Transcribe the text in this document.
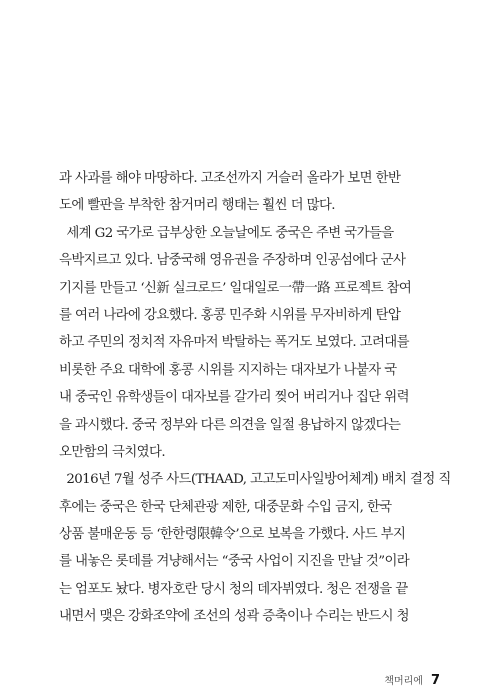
과 사과를 해야 마땅하다. 고조선까지 거슬러 올라가 보면 한반
도에 빨판을 부착한 참거머리 행태는 훨씬 더 많다.
세계 G2 국가로 급부상한 오늘날에도 중국은 주변 국가들을
윽박지르고 있다. 남중국해 영유권을 주장하며 인공섬에다 군사
기지를 만들고 ‘신新 실크로드’ 일대일로一帶一路 프로젝트 참여
를 여러 나라에 강요했다. 홍콩 민주화 시위를 무자비하게 탄압
하고 주민의 정치적 자유마저 박탈하는 폭거도 보였다. 고려대를
비롯한 주요 대학에 홍콩 시위를 지지하는 대자보가 나붙자 국
내 중국인 유학생들이 대자보를 갈가리 찢어 버리거나 집단 위력
을 과시했다. 중국 정부와 다른 의견을 일절 용납하지 않겠다는
오만함의 극치였다.
2016년 7월 성주 사드(THAAD, 고고도미사일방어체계) 배치 결정 직
후에는 중국은 한국 단체관광 제한, 대중문화 수입 금지, 한국
상품 불매운동 등 ‘한한령限韓令’으로 보복을 가했다. 사드 부지
를 내놓은 롯데를 겨냥해서는 “중국 사업이 지진을 만날 것”이라
는 엄포도 놨다. 병자호란 당시 청의 데자뷔였다. 청은 전쟁을 끝
내면서 맺은 강화조약에 조선의 성곽 증축이나 수리는 반드시 청
책머리에 7
